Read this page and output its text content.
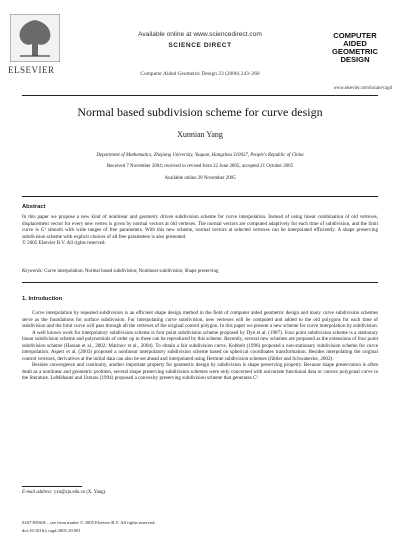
ELSEVIER
Available online at www.sciencedirect.com
SCIENCE DIRECT
Computer Aided Geometric Design 23 (2006) 243–260
COMPUTER
AIDED
GEOMETRIC
DESIGN
www.elsevier.com/locate/cagd
Normal based subdivision scheme for curve design
Xunnian Yang
Department of Mathematics, Zhejiang University, Yuquan, Hangzhou 310027, People's Republic of China
Received 7 November 2004; received in revised form 22 June 2005; accepted 21 October 2005
Available online 28 November 2005
Abstract
In this paper we propose a new kind of nonlinear and geometry driven subdivision scheme for curve interpolation. Instead of using linear combination of old vertexes, displacement vector for every new vertex is given by normal vectors at old vertexes. The normal vectors are computed adaptively for each time of subdivision, and the limit curve is G¹ smooth with wide ranges of free parameters. With this new scheme, normal vectors at selected vertexes can be interpolated efficiently. A shape preserving subdivision scheme with explicit choices of all free parameters is also presented.
© 2005 Elsevier B.V. All rights reserved.
Keywords: Curve interpolation; Normal based subdivision; Nonlinear subdivision; Shape preserving
1. Introduction

Curve interpolation by repeated subdivision is an efficient shape design method in the field of computer aided geometric design and many curve subdivision schemes serve as the foundations for surface subdivision. For interpolating curve subdivision, new vertexes will be computed and added to the old polygons for each time of subdivision and the limit curve will pass through all the vertexes of the original control polygon. In this paper we present a new scheme for curve interpolation by subdivision.

A well known work for interpolatory subdivision scheme is four point subdivision scheme proposed by Dyn et al. (1987). Four point subdivision scheme is a stationary linear subdivision scheme and polynomials of order up to three can be reproduced by this scheme. Recently, several new schemes are proposed as the extensions of four point subdivision scheme (Hassan et al., 2002; Marinov et al., 2004). To obtain a fair subdivision curve, Kobbelt (1996) proposed a non-stationary subdivision scheme for curve interpolation. Aspert et al. (2003) proposed a nonlinear interpolatory subdivision scheme based on spherical coordinates transformation. Besides interpolating the original control vertexes, derivatives at the initial data can also be set ahead and interpolated using Hermite subdivision schemes (Jüttler and Schwanecke, 2002).

Besides convergence and continuity, another important property for geometric design by subdivision is shape preserving property. Because shape preservation is often dealt as a nonlinear and geometric problem, several shape preserving subdivision schemes were only concerned with univariate functional data or convex polygonal curve in the literature. LeMéhauté and Utreras (1994) proposed a convexity preserving subdivision scheme that generates C¹

E-mail address: yxn@zju.edu.cn (X. Yang).
0167-8396/$ – see front matter © 2005 Elsevier B.V. All rights reserved.
doi:10.1016/j.cagd.2005.10.001
